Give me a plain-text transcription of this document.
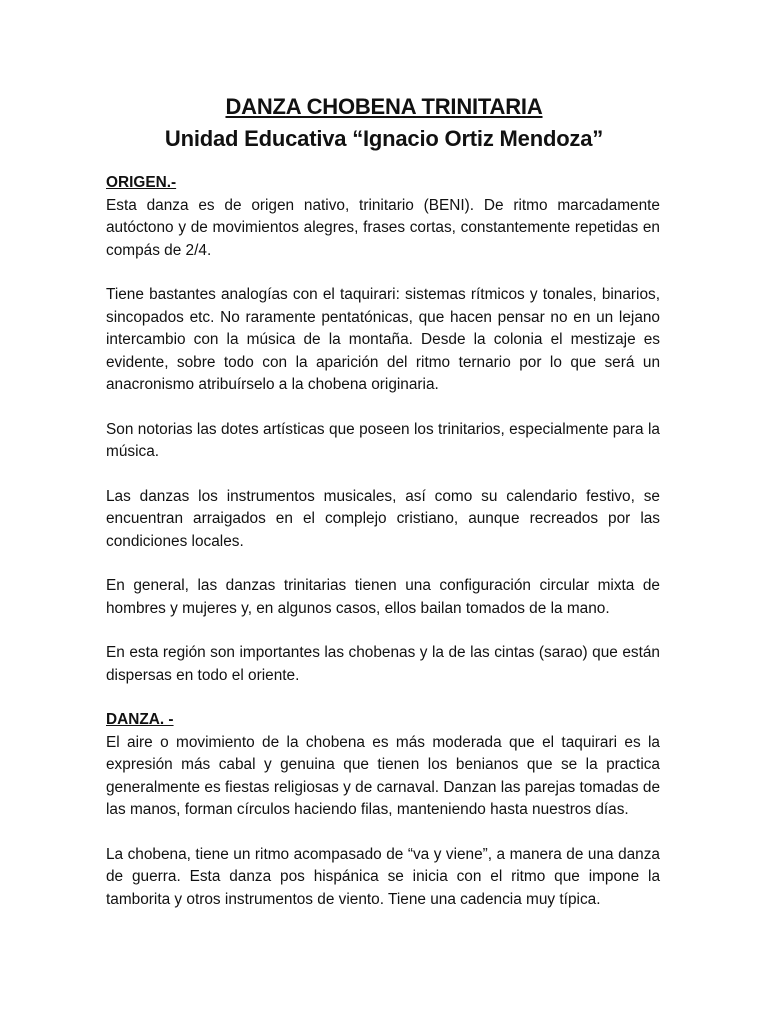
DANZA CHOBENA TRINITARIA
Unidad Educativa “Ignacio Ortiz Mendoza”
ORIGEN.-

Esta danza es de origen nativo, trinitario (BENI). De ritmo marcadamente autóctono y de movimientos alegres, frases cortas, constantemente repetidas en compás de 2/4.

Tiene bastantes analogías con el taquirari: sistemas rítmicos y tonales, binarios, sincopados etc. No raramente pentatónicas, que hacen pensar no en un lejano intercambio con la música de la montaña. Desde la colonia el mestizaje es evidente, sobre todo con la aparición del ritmo ternario por lo que será un anacronismo atribuírselo a la chobena originaria.

Son notorias las dotes artísticas que poseen los trinitarios, especialmente para la música.

Las danzas los instrumentos musicales, así como su calendario festivo, se encuentran arraigados en el complejo cristiano, aunque recreados por las condiciones locales.

En general, las danzas trinitarias tienen una configuración circular mixta de hombres y mujeres y, en algunos casos, ellos bailan tomados de la mano.

En esta región son importantes las chobenas y la de las cintas (sarao) que están dispersas en todo el oriente.

DANZA. -

El aire o movimiento de la chobena es más moderada que el taquirari es la expresión más cabal y genuina que tienen los benianos que se la practica generalmente es fiestas religiosas y de carnaval. Danzan las parejas tomadas de las manos, forman círculos haciendo filas, manteniendo hasta nuestros días.

La chobena, tiene un ritmo acompasado de “va y viene”, a manera de una danza de guerra. Esta danza pos hispánica se inicia con el ritmo que impone la tamborita y otros instrumentos de viento. Tiene una cadencia muy típica.
